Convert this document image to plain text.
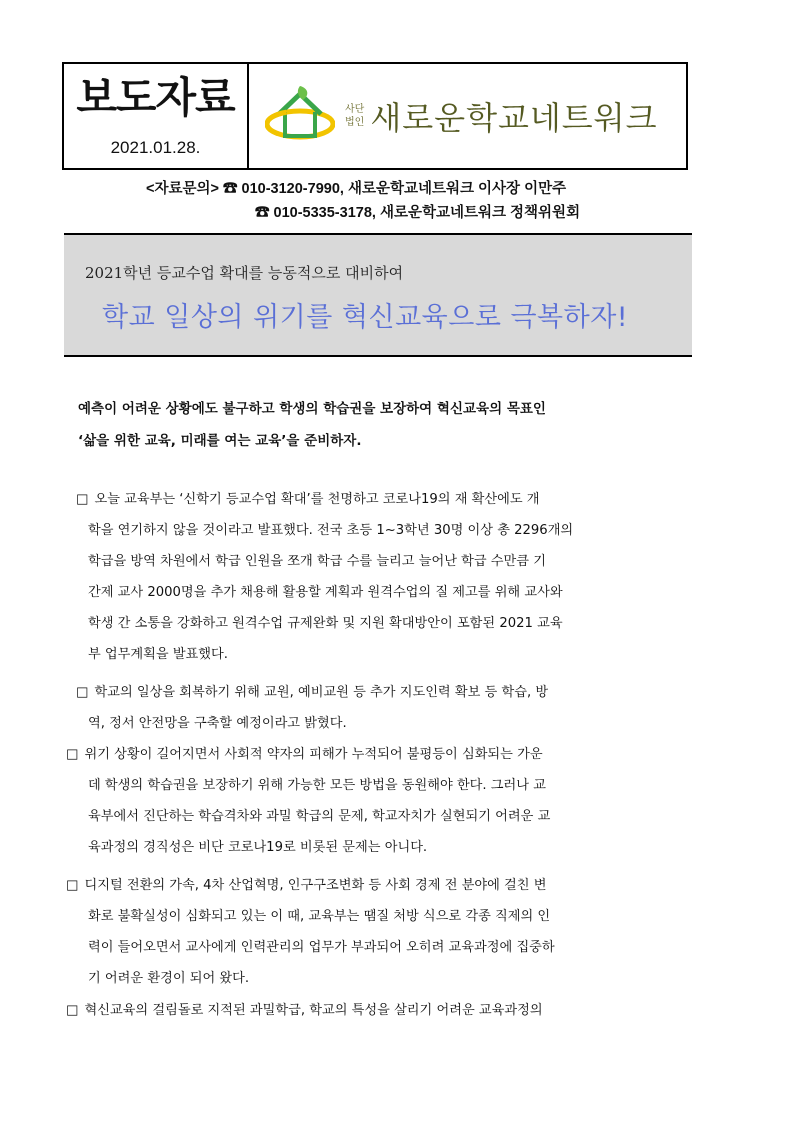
보도자료
2021.01.28.
사단
법인 새로운학교네트워크
<자료문의> ☎ 010-3120-7990, 새로운학교네트워크 이사장 이만주
☎ 010-5335-3178, 새로운학교네트워크 정책위원회
2021학년 등교수업 확대를 능동적으로 대비하여
학교 일상의 위기를 혁신교육으로 극복하자!
예측이 어려운 상황에도 불구하고 학생의 학습권을 보장하여 혁신교육의 목표인
‘삶을 위한 교육, 미래를 여는 교육’을 준비하자.
□ 오늘 교육부는 ‘신학기 등교수업 확대’를 천명하고 코로나19의 재 확산에도 개
학을 연기하지 않을 것이라고 발표했다. 전국 초등 1~3학년 30명 이상 총 2296개의
학급을 방역 차원에서 학급 인원을 쪼개 학급 수를 늘리고 늘어난 학급 수만큼 기
간제 교사 2000명을 추가 채용해 활용할 계획과 원격수업의 질 제고를 위해 교사와
학생 간 소통을 강화하고 원격수업 규제완화 및 지원 확대방안이 포함된 2021 교육
부 업무계획을 발표했다.
□ 학교의 일상을 회복하기 위해 교원, 예비교원 등 추가 지도인력 확보 등 학습, 방
역, 정서 안전망을 구축할 예정이라고 밝혔다.
□ 위기 상황이 길어지면서 사회적 약자의 피해가 누적되어 불평등이 심화되는 가운
데 학생의 학습권을 보장하기 위해 가능한 모든 방법을 동원해야 한다. 그러나 교
육부에서 진단하는 학습격차와 과밀 학급의 문제, 학교자치가 실현되기 어려운 교
육과정의 경직성은 비단 코로나19로 비롯된 문제는 아니다.
□ 디지털 전환의 가속, 4차 산업혁명, 인구구조변화 등 사회 경제 전 분야에 걸친 변
화로 불확실성이 심화되고 있는 이 때, 교육부는 땜질 처방 식으로 각종 직제의 인
력이 들어오면서 교사에게 인력관리의 업무가 부과되어 오히려 교육과정에 집중하
기 어려운 환경이 되어 왔다.
□ 혁신교육의 걸림돌로 지적된 과밀학급, 학교의 특성을 살리기 어려운 교육과정의
